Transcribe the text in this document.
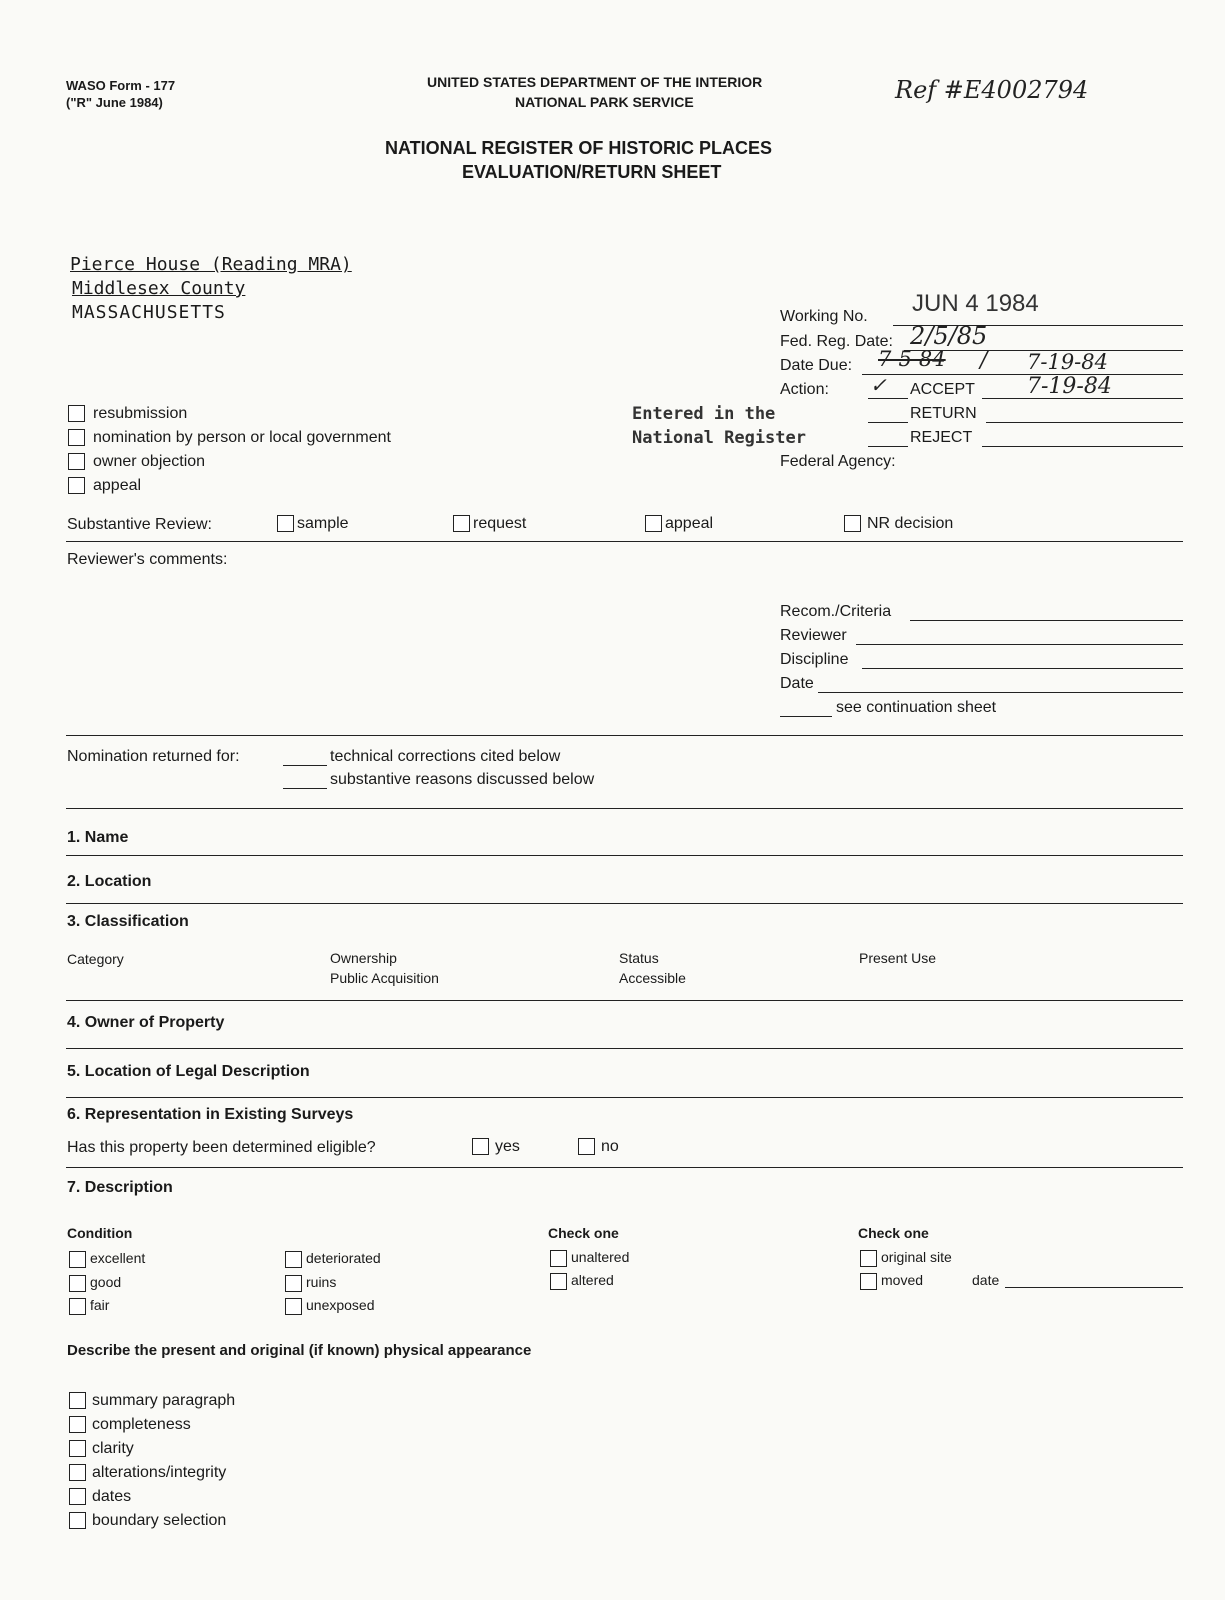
WASO Form - 177
("R" June 1984)
UNITED STATES DEPARTMENT OF THE INTERIOR
NATIONAL PARK SERVICE	Ref #E4002794
NATIONAL REGISTER OF HISTORIC PLACES
EVALUATION/RETURN SHEET
Pierce House (Reading MRA)
Middlesex County
MASSACHUSETTS	Working No. JUN 4 1984
Fed. Reg. Date: 2/5/85
Date Due: 7-5-84 / 7-19-84
Action: ✓ ACCEPT 7-19-84
RETURN
REJECT
Federal Agency:
Entered in the
National Register
resubmission
nomination by person or local government
owner objection
appeal
Substantive Review:	sample	request	appeal	NR decision
Reviewer's comments:
Recom./Criteria
Reviewer
Discipline
Date
see continuation sheet
Nomination returned for:	technical corrections cited below
substantive reasons discussed below
1. Name
2. Location
3. Classification
Category	Ownership
Public Acquisition
Status
Accessible
Present Use
4. Owner of Property
5. Location of Legal Description
6. Representation in Existing Surveys
Has this property been determined eligible?	yes	no
7. Description
Condition
excellent
good
fair
deteriorated
ruins
unexposed
Check one
unaltered
altered
Check one
original site
moved	date
Describe the present and original (if known) physical appearance
summary paragraph
completeness
clarity
alterations/integrity
dates
boundary selection
